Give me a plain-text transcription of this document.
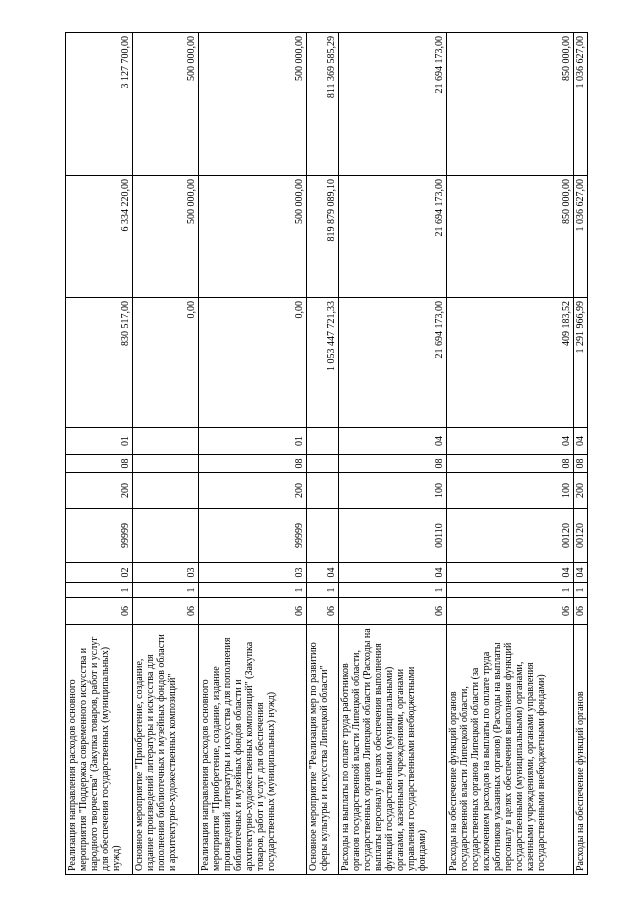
Реализация направления расходов основного мероприятия "Поддержка современного искусства и народного творчества" (Закупка товаров, работ и услуг для обеспечения государственных (муниципальных) нужд)	06	1	02	99999	200	08	01	830 517,00	6 334 220,00	3 127 700,00
Основное мероприятие "Приобретение, создание, издание произведений литературы и искусства для пополнения библиотечных и музейных фондов области и архитектурно-художественных композиций"	06	1	03					0,00	500 000,00	500 000,00
Реализация направления расходов основного мероприятия "Приобретение, создание, издание произведений литературы и искусства для пополнения библиотечных и музейных фондов области и архитектурно-художественных композиций" (Закупка товаров, работ и услуг для обеспечения государственных (муниципальных) нужд)	06	1	03	99999	200	08	01	0,00	500 000,00	500 000,00
Основное мероприятие "Реализация мер по развитию сферы культуры и искусства Липецкой области"	06	1	04					1 053 447 721,33	819 879 089,10	811 369 585,29
Расходы на выплаты по оплате труда работников органов государственной власти Липецкой области, государственных органов Липецкой области (Расходы на выплаты персоналу в целях обеспечения выполнения функций государственными (муниципальными) органами, казенными учреждениями, органами управления государственными внебюджетными фондами)	06	1	04	00110	100	08	04	21 694 173,00	21 694 173,00	21 694 173,00
Расходы на обеспечение функций органов государственной власти Липецкой области, государственных органов Липецкой области (за исключением расходов на выплаты по оплате труда работников указанных органов) (Расходы на выплаты персоналу в целях обеспечения выполнения функций государственными (муниципальными) органами, казенными учреждениями, органами управления государственными внебюджетными фондами)	06	1	04	00120	100	08	04	409 183,52	850 000,00	850 000,00
Расходы на обеспечение функций органов	06	1	04	00120	200	08	04	1 291 966,99	1 036 627,00	1 036 627,00
